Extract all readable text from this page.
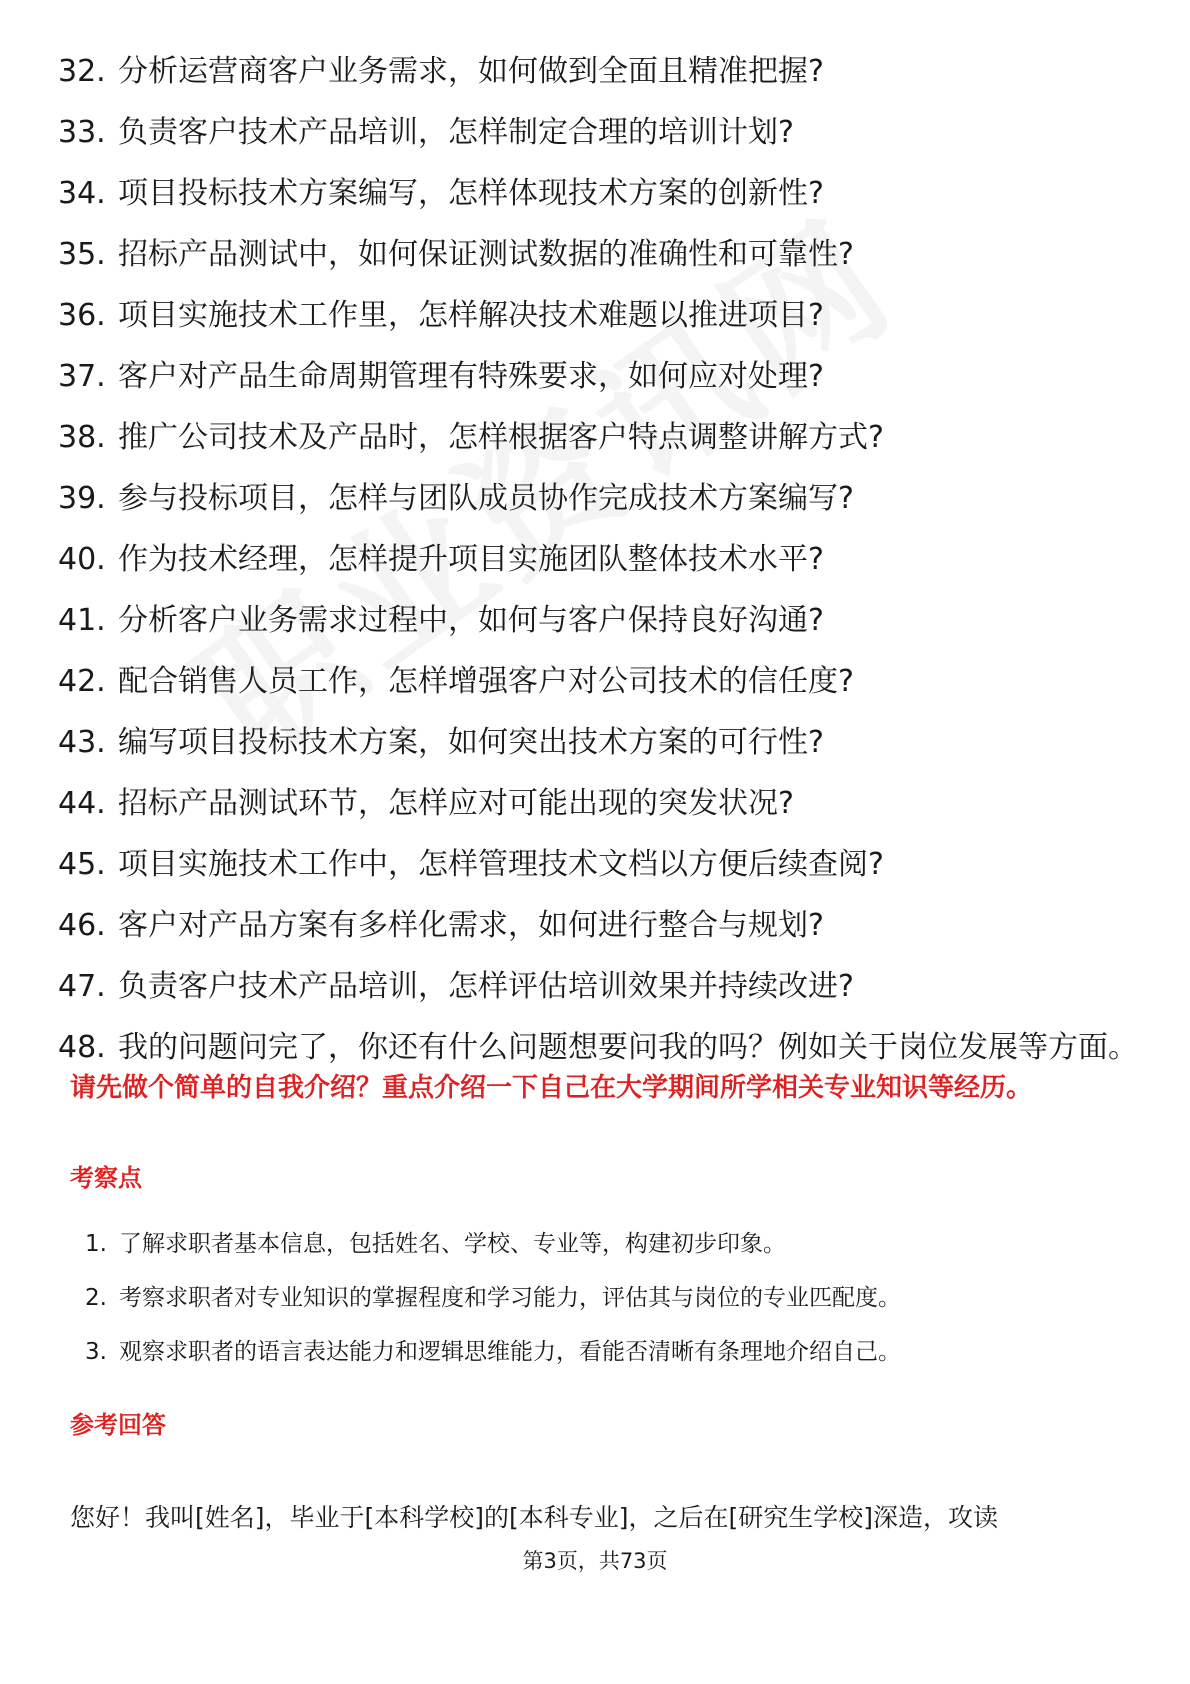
32. 分析运营商客户业务需求，如何做到全面且精准把握?
33. 负责客户技术产品培训，怎样制定合理的培训计划?
34. 项目投标技术方案编写，怎样体现技术方案的创新性?
35. 招标产品测试中，如何保证测试数据的准确性和可靠性?
36. 项目实施技术工作里，怎样解决技术难题以推进项目?
37. 客户对产品生命周期管理有特殊要求，如何应对处理?
38. 推广公司技术及产品时，怎样根据客户特点调整讲解方式?
39. 参与投标项目，怎样与团队成员协作完成技术方案编写?
40. 作为技术经理，怎样提升项目实施团队整体技术水平?
41. 分析客户业务需求过程中，如何与客户保持良好沟通?
42. 配合销售人员工作，怎样增强客户对公司技术的信任度?
43. 编写项目投标技术方案，如何突出技术方案的可行性?
44. 招标产品测试环节，怎样应对可能出现的突发状况?
45. 项目实施技术工作中，怎样管理技术文档以方便后续查阅?
46. 客户对产品方案有多样化需求，如何进行整合与规划?
47. 负责客户技术产品培训，怎样评估培训效果并持续改进?
48. 我的问题问完了，你还有什么问题想要问我的吗？例如关于岗位发展等方面。

请先做个简单的自我介绍？重点介绍一下自己在大学期间所学相关专业知识等经历。

考察点

1. 了解求职者基本信息，包括姓名、学校、专业等，构建初步印象。
2. 考察求职者对专业知识的掌握程度和学习能力，评估其与岗位的专业匹配度。
3. 观察求职者的语言表达能力和逻辑思维能力，看能否清晰有条理地介绍自己。

参考回答

您好！我叫[姓名]，毕业于[本科学校]的[本科专业]，之后在[研究生学校]深造，攻读

第3页，共73页
